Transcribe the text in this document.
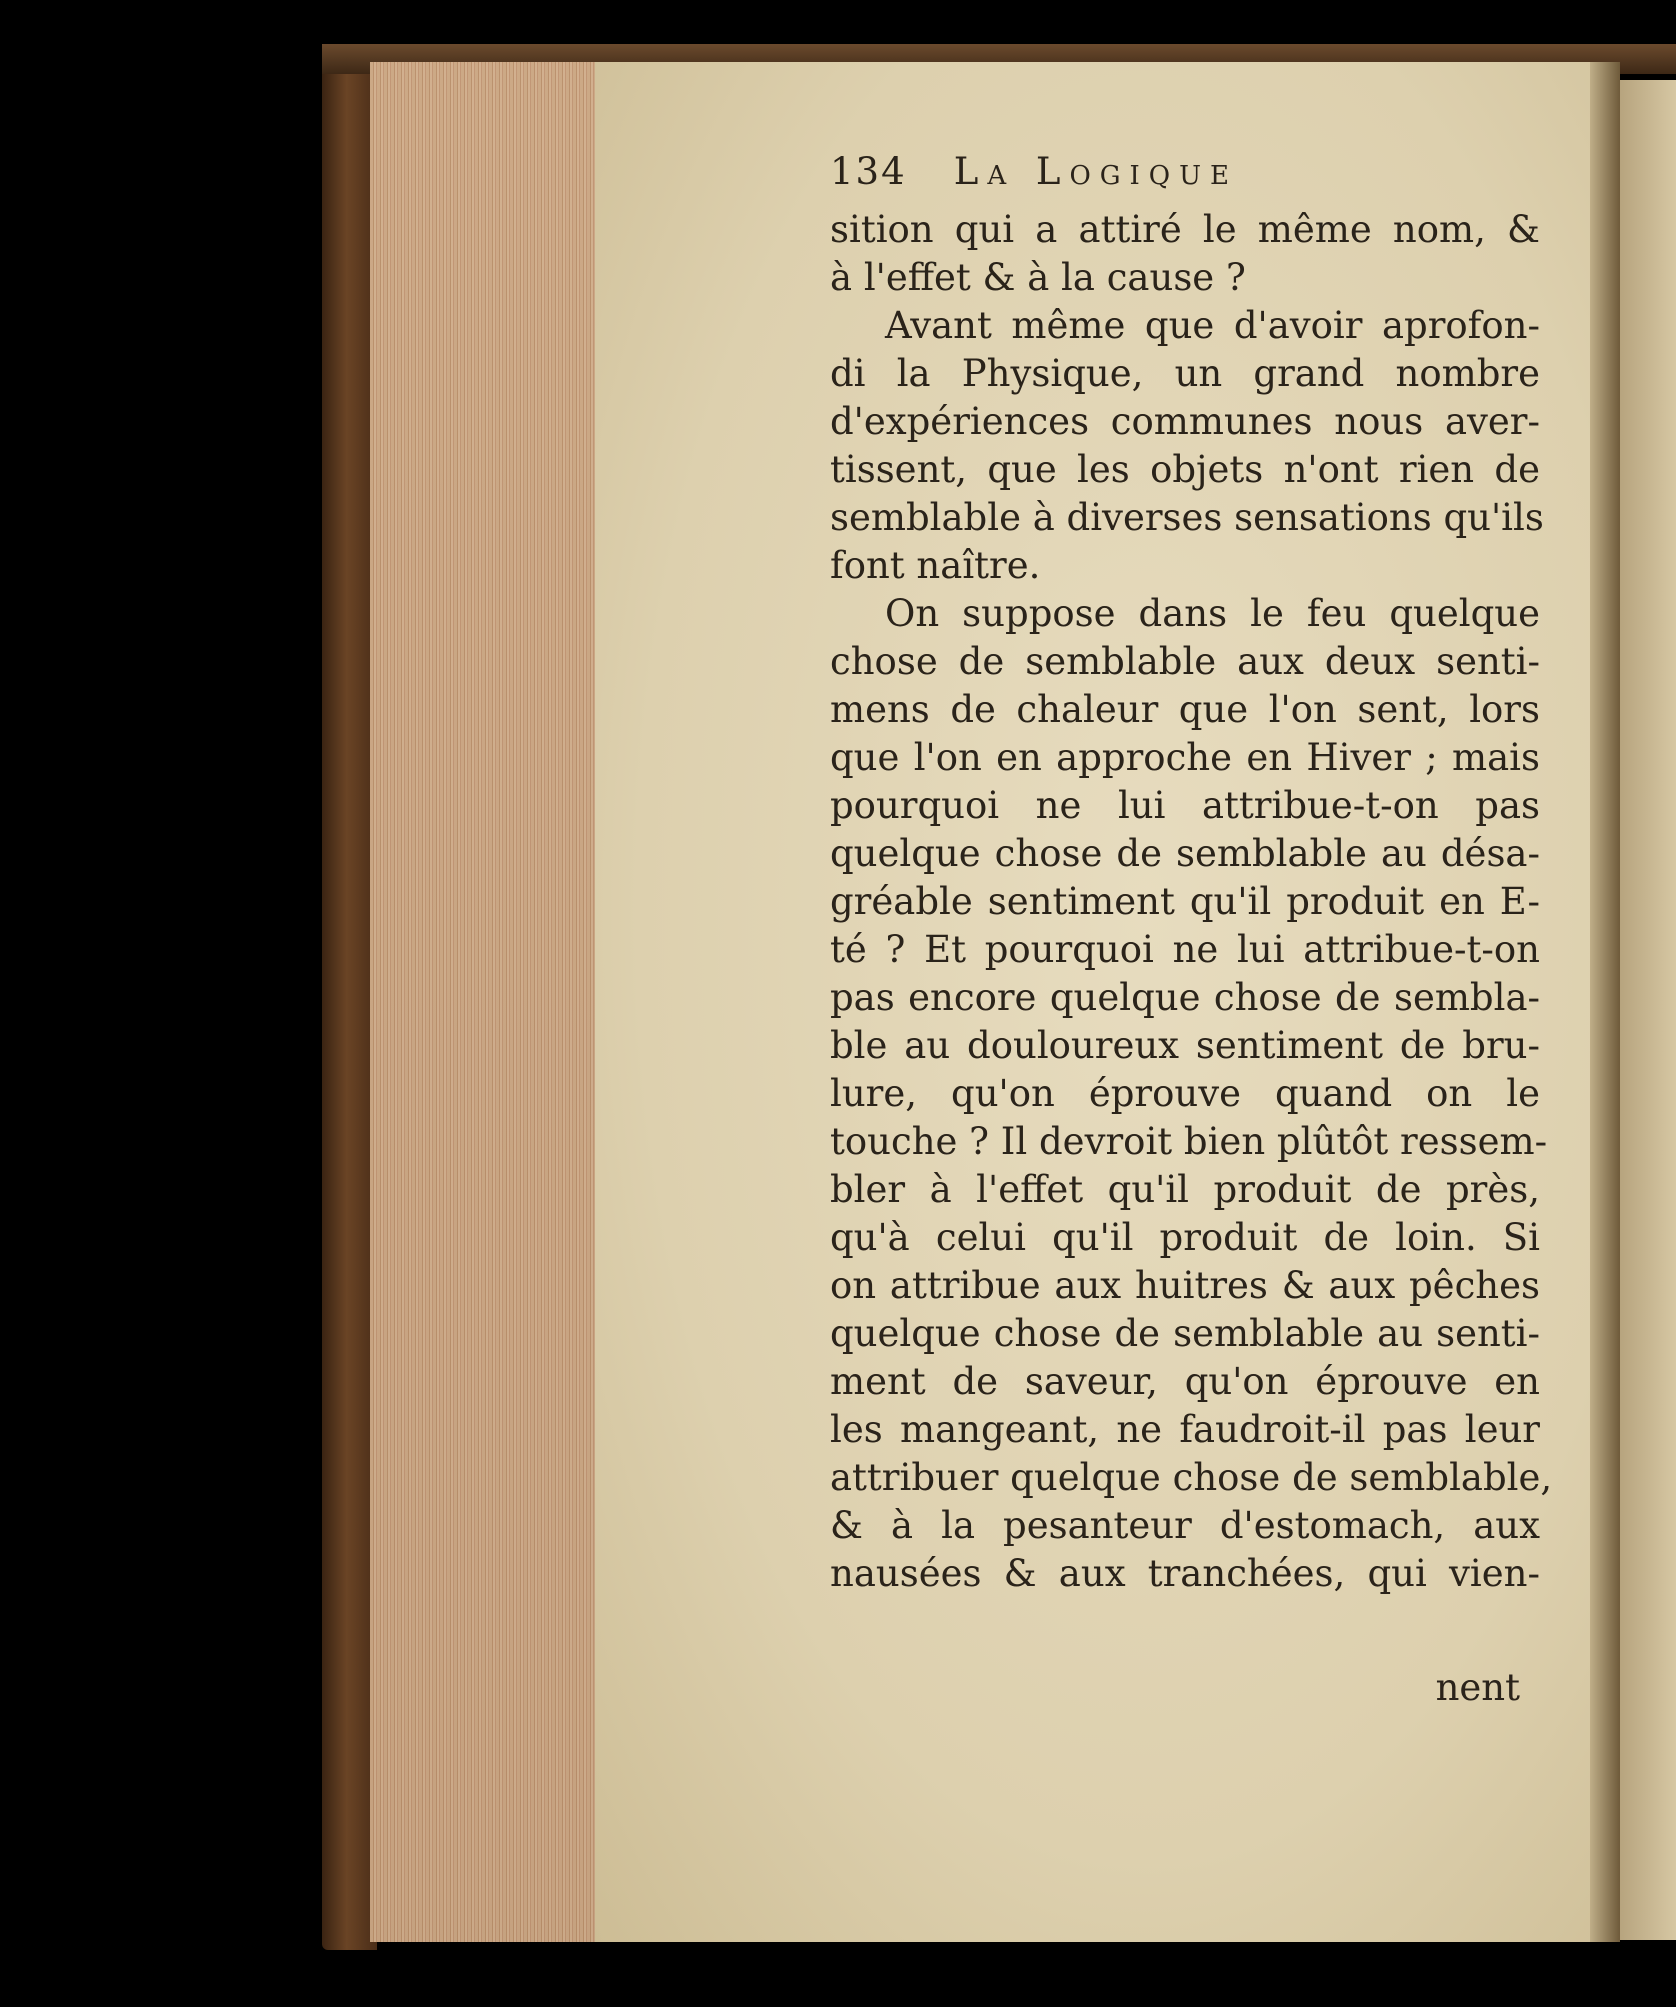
134 La Logique
sition qui a attiré le même nom, &
à l'effet & à la cause ?
Avant même que d'avoir aprofon-
di la Physique, un grand nombre
d'expériences communes nous aver-
tissent, que les objets n'ont rien de
semblable à diverses sensations qu'ils
font naître.
On suppose dans le feu quelque
chose de semblable aux deux senti-
mens de chaleur que l'on sent, lors
que l'on en approche en Hiver ; mais
pourquoi ne lui attribue-t-on pas
quelque chose de semblable au désa-
gréable sentiment qu'il produit en E-
té ? Et pourquoi ne lui attribue-t-on
pas encore quelque chose de sembla-
ble au douloureux sentiment de bru-
lure, qu'on éprouve quand on le
touche ? Il devroit bien plûtôt ressem-
bler à l'effet qu'il produit de près,
qu'à celui qu'il produit de loin. Si
on attribue aux huitres & aux pêches
quelque chose de semblable au senti-
ment de saveur, qu'on éprouve en
les mangeant, ne faudroit-il pas leur
attribuer quelque chose de semblable,
& à la pesanteur d'estomach, aux
nausées & aux tranchées, qui vien-
nent
